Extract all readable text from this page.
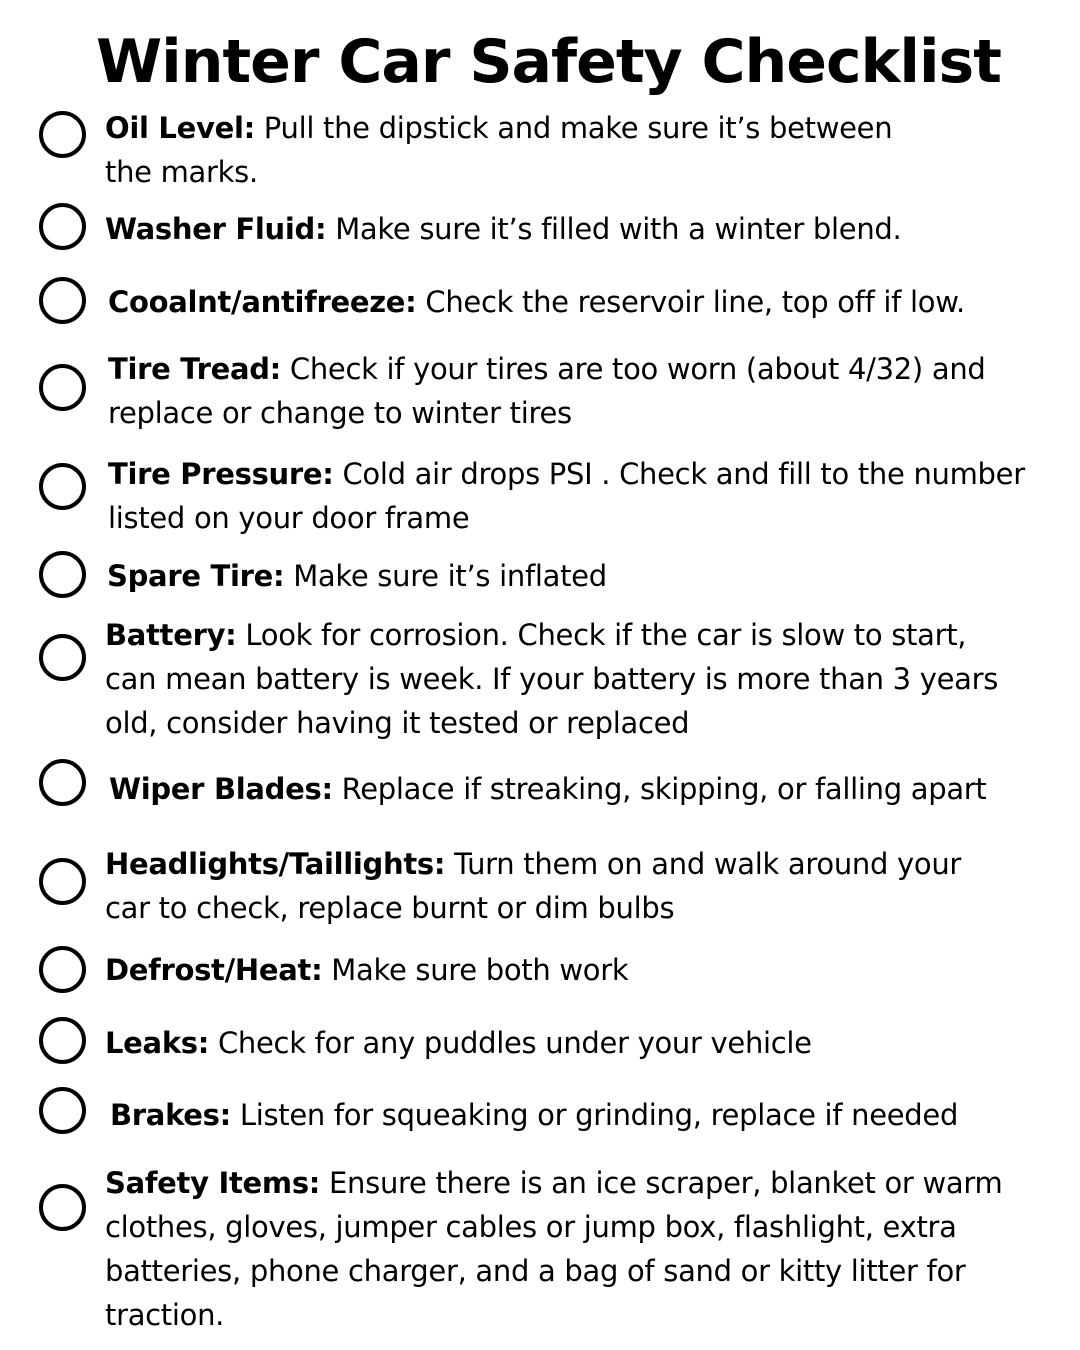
Winter Car Safety Checklist
Oil Level: Pull the dipstick and make sure it’s between
the marks.
Washer Fluid: Make sure it’s filled with a winter blend.
Cooalnt/antifreeze: Check the reservoir line, top off if low.
Tire Tread: Check if your tires are too worn (about 4/32) and
replace or change to winter tires
Tire Pressure: Cold air drops PSI . Check and fill to the number
listed on your door frame
Spare Tire: Make sure it’s inflated
Battery: Look for corrosion. Check if the car is slow to start,
can mean battery is week. If your battery is more than 3 years
old, consider having it tested or replaced
Wiper Blades: Replace if streaking, skipping, or falling apart
Headlights/Taillights: Turn them on and walk around your
car to check, replace burnt or dim bulbs
Defrost/Heat: Make sure both work
Leaks: Check for any puddles under your vehicle
Brakes: Listen for squeaking or grinding, replace if needed
Safety Items: Ensure there is an ice scraper, blanket or warm
clothes, gloves, jumper cables or jump box, flashlight, extra
batteries, phone charger, and a bag of sand or kitty litter for
traction.
